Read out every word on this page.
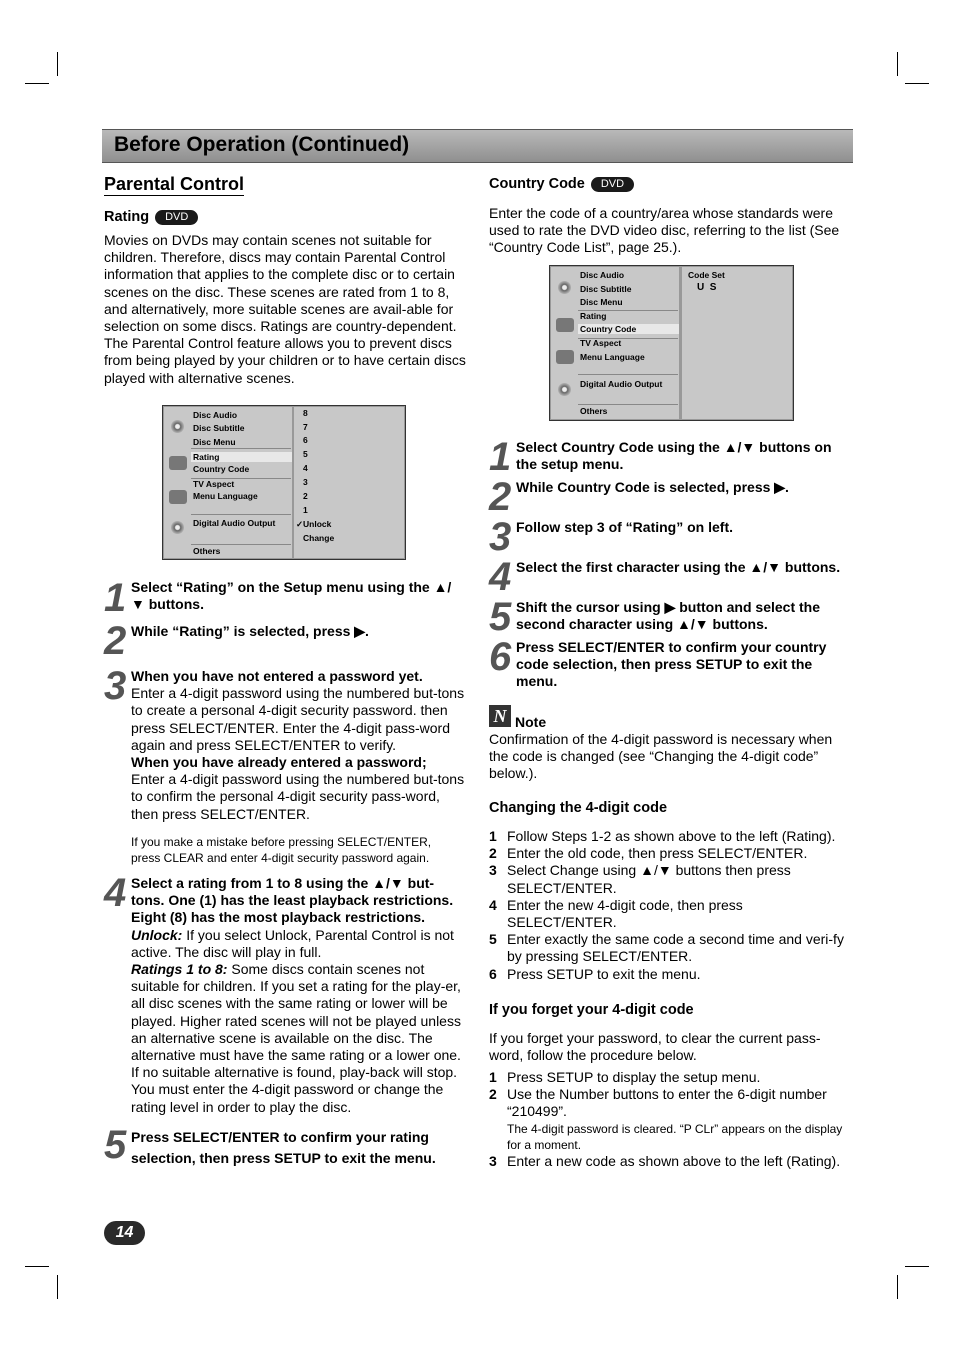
Before Operation (Continued)
Parental Control
Rating DVD

Movies on DVDs may contain scenes not suitable for children. Therefore, discs may contain Parental Control information that applies to the complete disc or to certain scenes on the disc. These scenes are rated from 1 to 8, and alternatively, more suitable scenes are avail-able for selection on some discs. Ratings are country-dependent. The Parental Control feature allows you to prevent discs from being played by your children or to have certain discs played with alternative scenes.

Disc Audio
Disc Subtitle
Disc Menu
Rating
Country Code
TV Aspect
Menu Language
Digital Audio Output
Others
8
7
6
5
4
3
2
1
✓ Unlock
Change
1 Select “Rating” on the Setup menu using the ▲/▼ buttons.

2 While “Rating” is selected, press ▶.

3 When you have not entered a password yet.
Enter a 4-digit password using the numbered but-tons to create a personal 4-digit security password. then press SELECT/ENTER. Enter the 4-digit pass-word again and press SELECT/ENTER to verify.
When you have already entered a password;
Enter a 4-digit password using the numbered but-tons to confirm the personal 4-digit security pass-word, then press SELECT/ENTER.

If you make a mistake before pressing SELECT/ENTER, press CLEAR and enter 4-digit security password again.

4 Select a rating from 1 to 8 using the ▲/▼ but-tons. One (1) has the least playback restrictions. Eight (8) has the most playback restrictions.
Unlock: If you select Unlock, Parental Control is not active. The disc will play in full.
Ratings 1 to 8: Some discs contain scenes not suitable for children. If you set a rating for the play-er, all disc scenes with the same rating or lower will be played. Higher rated scenes will not be played unless an alternative scene is available on the disc. The alternative must have the same rating or a lower one. If no suitable alternative is found, play-back will stop. You must enter the 4-digit password or change the rating level in order to play the disc.
5 Press SELECT/ENTER to confirm your rating selection, then press SETUP to exit the menu.

Country Code DVD

Enter the code of a country/area whose standards were used to rate the DVD video disc, referring to the list (See “Country Code List”, page 25.).

Disc Audio
Disc Subtitle
Disc Menu
Rating
Country Code
TV Aspect
Menu Language
Digital Audio Output
Others
Code Set
U  S
1 Select Country Code using the ▲/▼ buttons on the setup menu.

2 While Country Code is selected, press ▶.

3 Follow step 3 of “Rating” on left.

4 Select the first character using the ▲/▼ buttons.

5 Shift the cursor using ▶ button and select the second character using ▲/▼ buttons.

6 Press SELECT/ENTER to confirm your country code selection, then press SETUP to exit the menu.

N Note

Confirmation of the 4-digit password is necessary when the code is changed (see “Changing the 4-digit code” below.).

Changing the 4-digit code
1 Follow Steps 1-2 as shown above to the left (Rating).
2 Enter the old code, then press SELECT/ENTER.
3 Select Change using ▲/▼ buttons then press SELECT/ENTER.
4 Enter the new 4-digit code, then press SELECT/ENTER.
5 Enter exactly the same code a second time and veri-fy by pressing SELECT/ENTER.
6 Press SETUP to exit the menu.
If you forget your 4-digit code

If you forget your password, to clear the current pass-word, follow the procedure below.

1 Press SETUP to display the setup menu.
2 Use the Number buttons to enter the 6-digit number “210499”.
The 4-digit password is cleared. “P CLr” appears on the display for a moment.
3 Enter a new code as shown above to the left (Rating).
14
